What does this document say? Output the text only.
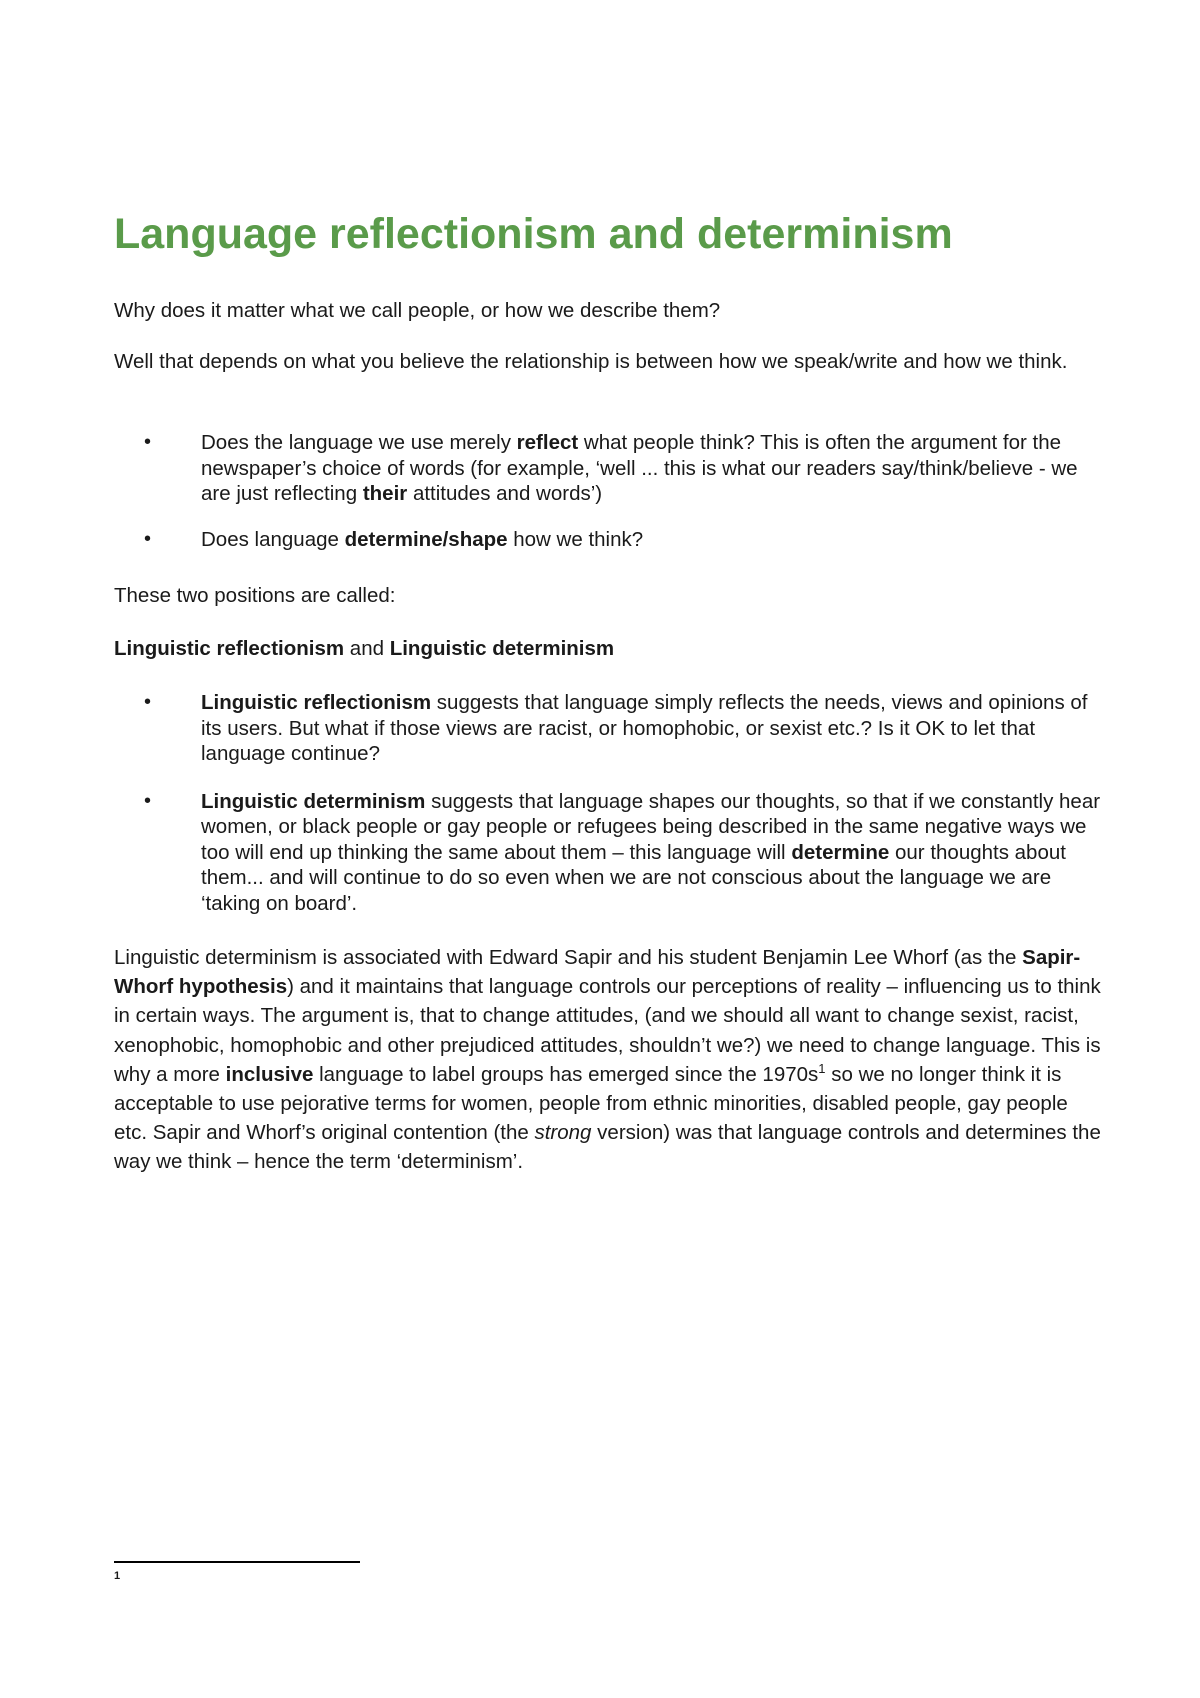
Language reflectionism and determinism

Why does it matter what we call people, or how we describe them?

Well that depends on what you believe the relationship is between how we speak/write and how we think.

• Does the language we use merely reflect what people think? This is often the argument for the newspaper’s choice of words (for example, ‘well ... this is what our readers say/think/believe - we are just reflecting their attitudes and words’)
• Does language determine/shape how we think?

These two positions are called:

Linguistic reflectionism and Linguistic determinism

• Linguistic reflectionism suggests that language simply reflects the needs, views and opinions of its users. But what if those views are racist, or homophobic, or sexist etc.? Is it OK to let that language continue?
• Linguistic determinism suggests that language shapes our thoughts, so that if we constantly hear women, or black people or gay people or refugees being described in the same negative ways we too will end up thinking the same about them – this language will determine our thoughts about them... and will continue to do so even when we are not conscious about the language we are ‘taking on board’.

Linguistic determinism is associated with Edward Sapir and his student Benjamin Lee Whorf (as the Sapir-Whorf hypothesis) and it maintains that language controls our perceptions of reality – influencing us to think in certain ways. The argument is, that to change attitudes, (and we should all want to change sexist, racist, xenophobic, homophobic and other prejudiced attitudes, shouldn’t we?) we need to change language. This is why a more inclusive language to label groups has emerged since the $1970s^1$ so we no longer think it is acceptable to use pejorative terms for women, people from ethnic minorities, disabled people, gay people etc. Sapir and Whorf’s original contention (the strong version) was that language controls and determines the way we think – hence the term ‘determinism’.

1
